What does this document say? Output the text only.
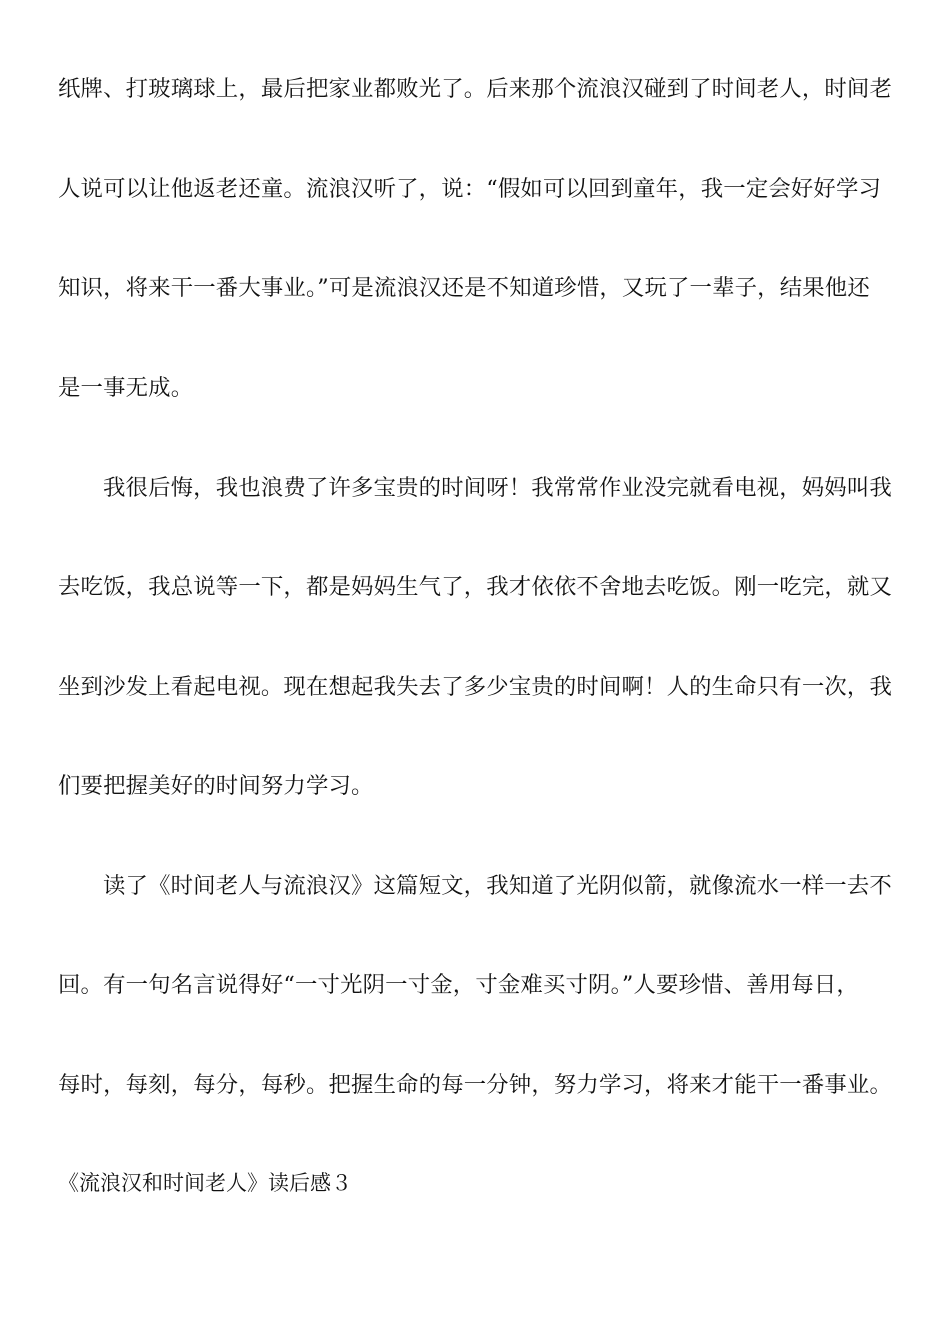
纸牌、打玻璃球上，最后把家业都败光了。后来那个流浪汉碰到了时间老人，时间老
人说可以让他返老还童。流浪汉听了，说：“假如可以回到童年，我一定会好好学习
知识，将来干一番大事业。”可是流浪汉还是不知道珍惜，又玩了一辈子，结果他还
是一事无成。
我很后悔，我也浪费了许多宝贵的时间呀！我常常作业没完就看电视，妈妈叫我
去吃饭，我总说等一下，都是妈妈生气了，我才依依不舍地去吃饭。刚一吃完，就又
坐到沙发上看起电视。现在想起我失去了多少宝贵的时间啊！人的生命只有一次，我
们要把握美好的时间努力学习。
读了《时间老人与流浪汉》这篇短文，我知道了光阴似箭，就像流水一样一去不
回。有一句名言说得好“一寸光阴一寸金，寸金难买寸阴。”人要珍惜、善用每日，
每时，每刻，每分，每秒。把握生命的每一分钟，努力学习，将来才能干一番事业。
《流浪汉和时间老人》读后感３
